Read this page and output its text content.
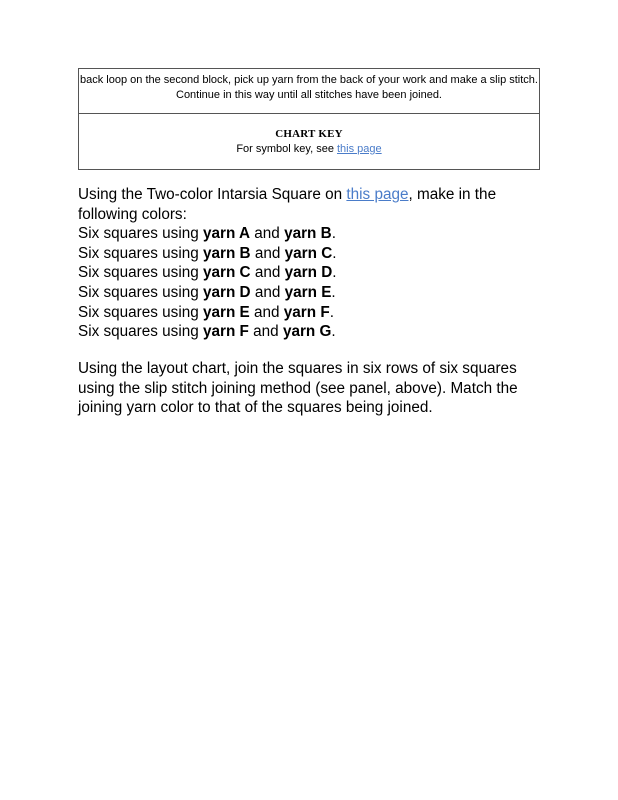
back loop on the second block, pick up yarn from the back of your work and make a slip stitch.
Continue in this way until all stitches have been joined.
CHART KEY
For symbol key, see this page

Using the Two-color Intarsia Square on this page, make in the following colors:

Six squares using yarn A and yarn B.
Six squares using yarn B and yarn C.
Six squares using yarn C and yarn D.
Six squares using yarn D and yarn E.
Six squares using yarn E and yarn F.
Six squares using yarn F and yarn G.

Using the layout chart, join the squares in six rows of six squares using the slip stitch joining method (see panel, above). Match the joining yarn color to that of the squares being joined.
